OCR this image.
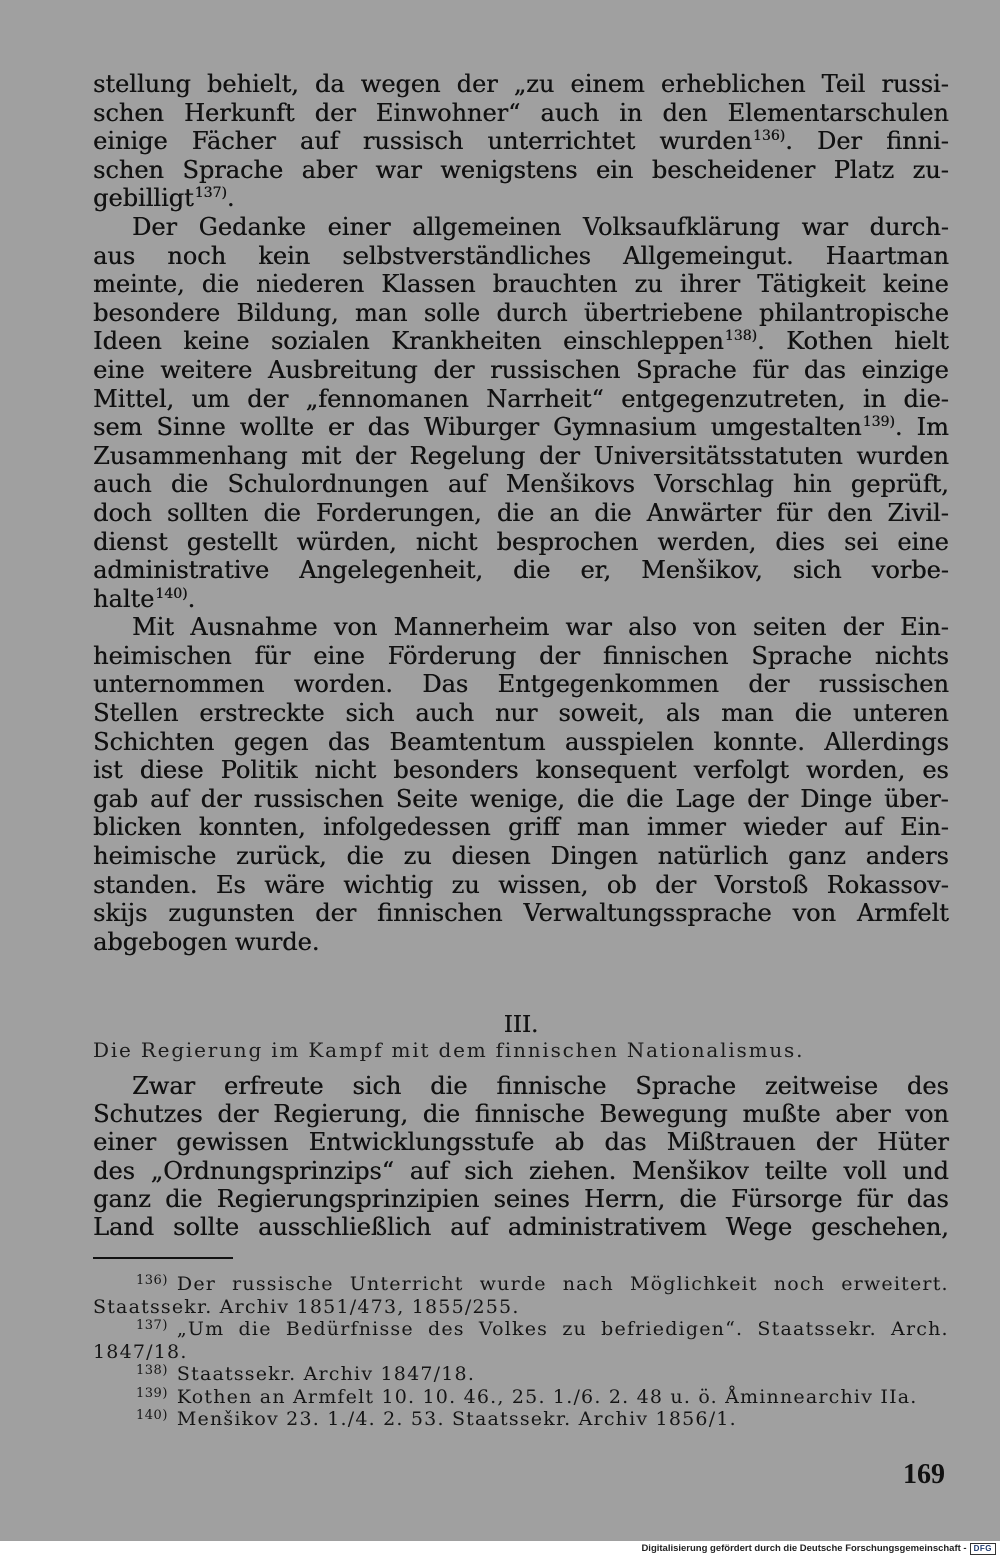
stellung behielt, da wegen der „zu einem erheblichen Teil russi-
schen Herkunft der Einwohner“ auch in den Elementarschulen
einige Fächer auf russisch unterrichtet wurden$^{136)}$. Der finni-
schen Sprache aber war wenigstens ein bescheidener Platz zu-
gebilligt$^{137)}$.
Der Gedanke einer allgemeinen Volksaufklärung war durch-
aus noch kein selbstverständliches Allgemeingut. Haartman
meinte, die niederen Klassen brauchten zu ihrer Tätigkeit keine
besondere Bildung, man solle durch übertriebene philantropische
Ideen keine sozialen Krankheiten einschleppen$^{138)}$. Kothen hielt
eine weitere Ausbreitung der russischen Sprache für das einzige
Mittel, um der „fennomanen Narrheit“ entgegenzutreten, in die-
sem Sinne wollte er das Wiburger Gymnasium umgestalten$^{139)}$. Im
Zusammenhang mit der Regelung der Universitätsstatuten wurden
auch die Schulordnungen auf Menšikovs Vorschlag hin geprüft,
doch sollten die Forderungen, die an die Anwärter für den Zivil-
dienst gestellt würden, nicht besprochen werden, dies sei eine
administrative Angelegenheit, die er, Menšikov, sich vorbe-
halte$^{140)}$.
Mit Ausnahme von Mannerheim war also von seiten der Ein-
heimischen für eine Förderung der finnischen Sprache nichts
unternommen worden. Das Entgegenkommen der russischen
Stellen erstreckte sich auch nur soweit, als man die unteren
Schichten gegen das Beamtentum ausspielen konnte. Allerdings
ist diese Politik nicht besonders konsequent verfolgt worden, es
gab auf der russischen Seite wenige, die die Lage der Dinge über-
blicken konnten, infolgedessen griff man immer wieder auf Ein-
heimische zurück, die zu diesen Dingen natürlich ganz anders
standen. Es wäre wichtig zu wissen, ob der Vorstoß Rokassov-
skijs zugunsten der finnischen Verwaltungssprache von Armfelt
abgebogen wurde.
III.
Die Regierung im Kampf mit dem finnischen Nationalismus.
Zwar erfreute sich die finnische Sprache zeitweise des
Schutzes der Regierung, die finnische Bewegung mußte aber von
einer gewissen Entwicklungsstufe ab das Mißtrauen der Hüter
des „Ordnungsprinzips“ auf sich ziehen. Menšikov teilte voll und
ganz die Regierungsprinzipien seines Herrn, die Fürsorge für das
Land sollte ausschließlich auf administrativem Wege geschehen,
$^{136)}$ Der russische Unterricht wurde nach Möglichkeit noch erweitert.
Staatssekr. Archiv 1851/473, 1855/255.
$^{137)}$ „Um die Bedürfnisse des Volkes zu befriedigen“. Staatssekr. Arch.
1847/18.
$^{138)}$ Staatssekr. Archiv 1847/18.
$^{139)}$ Kothen an Armfelt 10. 10. 46., 25. 1./6. 2. 48 u. ö. Åminnearchiv IIa.
$^{140)}$ Menšikov 23. 1./4. 2. 53. Staatssekr. Archiv 1856/1.
169
Digitalisierung gefördert durch die Deutsche Forschungsgemeinschaft - DFG
